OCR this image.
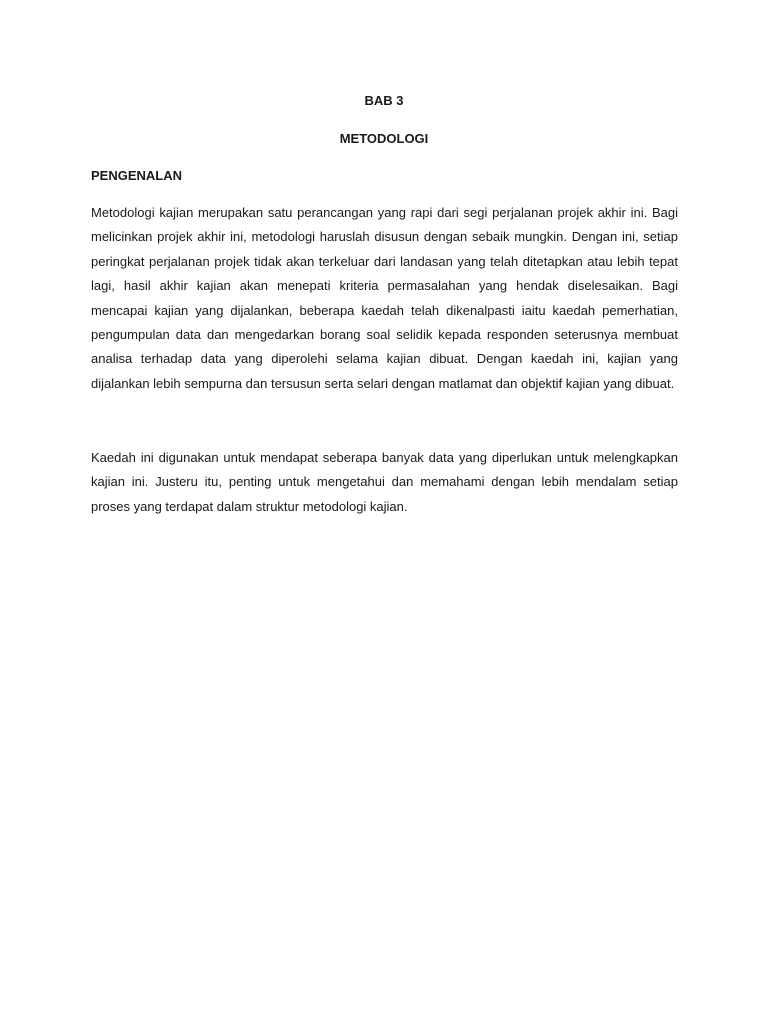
BAB 3
METODOLOGI
PENGENALAN

Metodologi kajian merupakan satu perancangan yang rapi dari segi perjalanan projek akhir ini. Bagi melicinkan projek akhir ini, metodologi haruslah disusun dengan sebaik mungkin. Dengan ini, setiap peringkat perjalanan projek tidak akan terkeluar dari landasan yang telah ditetapkan atau lebih tepat lagi, hasil akhir kajian akan menepati kriteria permasalahan yang hendak diselesaikan. Bagi mencapai kajian yang dijalankan, beberapa kaedah telah dikenalpasti iaitu kaedah pemerhatian, pengumpulan data dan mengedarkan borang soal selidik kepada responden seterusnya membuat analisa terhadap data yang diperolehi selama kajian dibuat. Dengan kaedah ini, kajian yang dijalankan lebih sempurna dan tersusun serta selari dengan matlamat dan objektif kajian yang dibuat.

Kaedah ini digunakan untuk mendapat seberapa banyak data yang diperlukan untuk melengkapkan kajian ini. Justeru itu, penting untuk mengetahui dan memahami dengan lebih mendalam setiap proses yang terdapat dalam struktur metodologi kajian.
